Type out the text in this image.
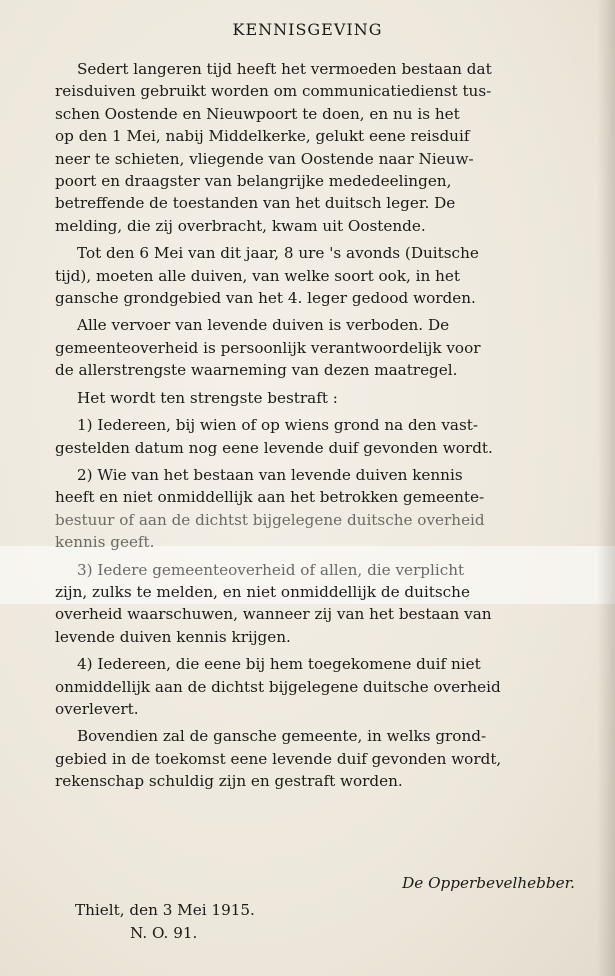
KENNISGEVING
Sedert langeren tijd heeft het vermoeden bestaan dat
reisduiven gebruikt worden om communicatiedienst tus-
schen Oostende en Nieuwpoort te doen, en nu is het
op den 1 Mei, nabij Middelkerke, gelukt eene reisduif
neer te schieten, vliegende van Oostende naar Nieuw-
poort en draagster van belangrijke mededeelingen,
betreffende de toestanden van het duitsch leger. De
melding, die zij overbracht, kwam uit Oostende.
Tot den 6 Mei van dit jaar, 8 ure 's avonds (Duitsche
tijd), moeten alle duiven, van welke soort ook, in het
gansche grondgebied van het 4. leger gedood worden.
Alle vervoer van levende duiven is verboden. De
gemeenteoverheid is persoonlijk verantwoordelijk voor
de allerstrengste waarneming van dezen maatregel.
Het wordt ten strengste bestraft :
1) Iedereen, bij wien of op wiens grond na den vast-
gestelden datum nog eene levende duif gevonden wordt.
2) Wie van het bestaan van levende duiven kennis
heeft en niet onmiddellijk aan het betrokken gemeente-
bestuur of aan de dichtst bijgelegene duitsche overheid
kennis geeft.
3) Iedere gemeenteoverheid of allen, die verplicht
zijn, zulks te melden, en niet onmiddellijk de duitsche
overheid waarschuwen, wanneer zij van het bestaan van
levende duiven kennis krijgen.
4) Iedereen, die eene bij hem toegekomene duif niet
onmiddellijk aan de dichtst bijgelegene duitsche overheid
overlevert.
Bovendien zal de gansche gemeente, in welks grond-
gebied in de toekomst eene levende duif gevonden wordt,
rekenschap schuldig zijn en gestraft worden.
De Opperbevelhebber.
Thielt, den 3 Mei 1915.
N. O. 91.
